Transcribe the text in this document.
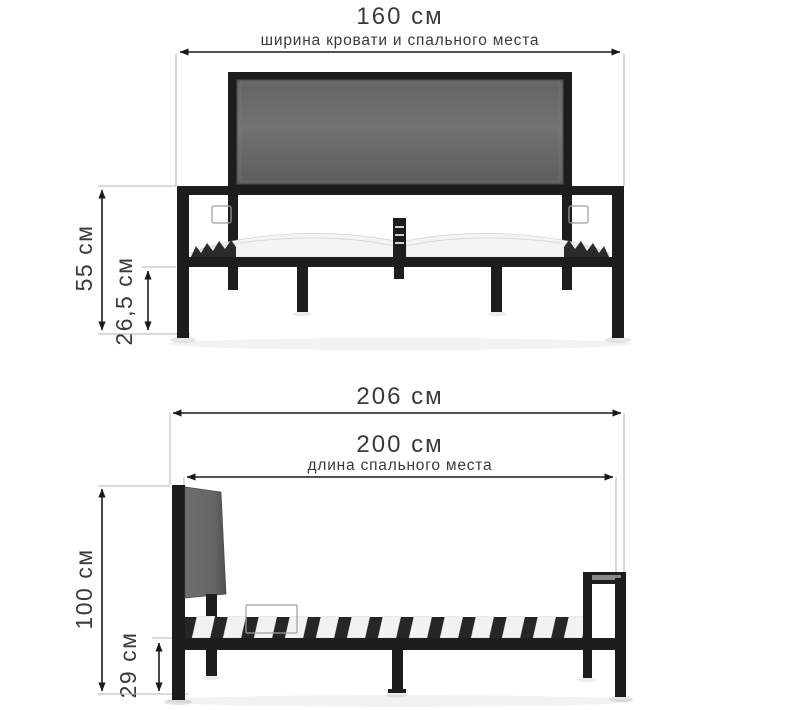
160 см
ширина кровати и спального места
55 см 26,5 см
206 см
200 см
длина спального места
100 см
29 см
